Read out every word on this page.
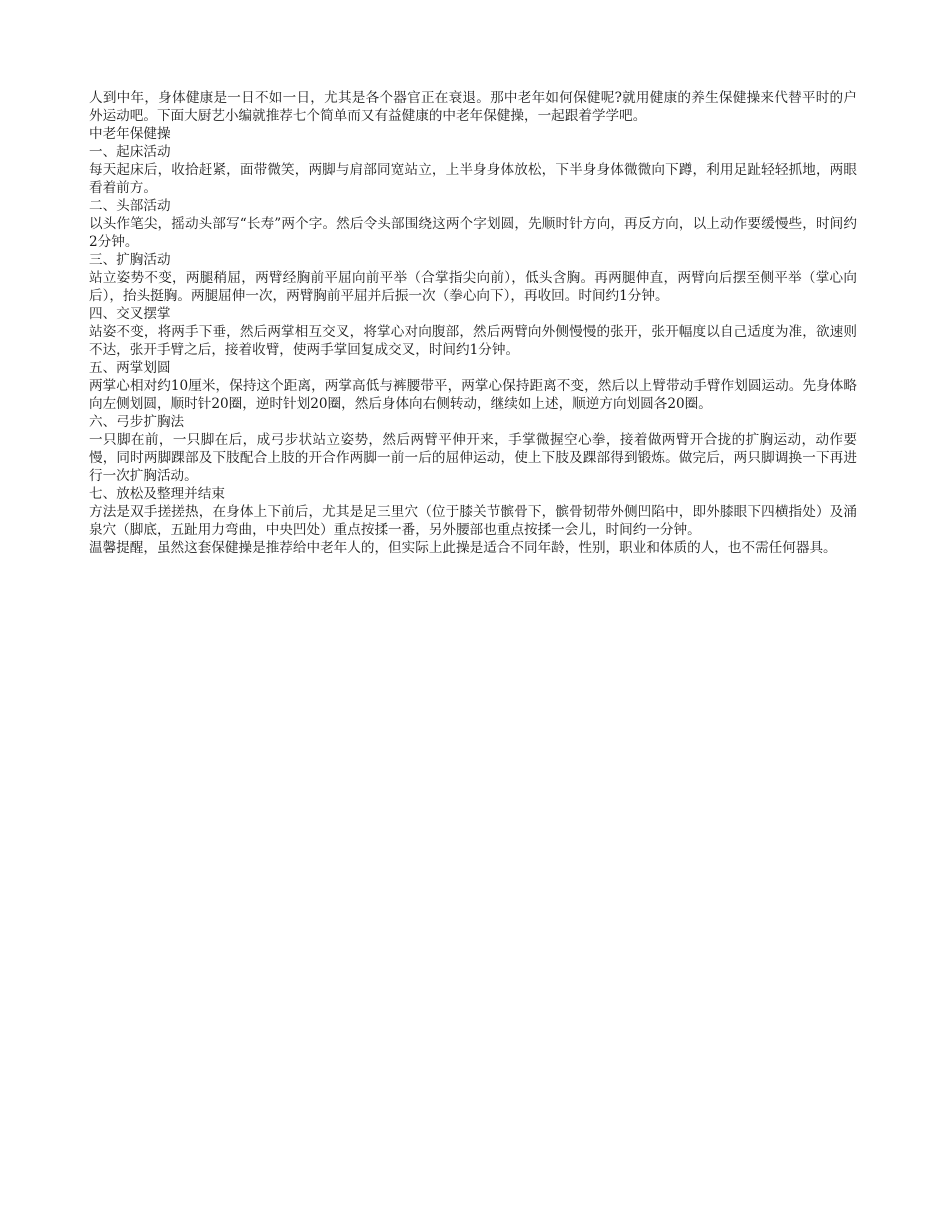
人到中年，身体健康是一日不如一日，尤其是各个器官正在衰退。那中老年如何保健呢?就用健康的养生保健操来代替平时的户外运动吧。下面大厨艺小编就推荐七个简单而又有益健康的中老年保健操，一起跟着学学吧。

中老年保健操

一、起床活动

每天起床后，收拾赶紧，面带微笑，两脚与肩部同宽站立，上半身身体放松，下半身身体微微向下蹲，利用足趾轻轻抓地，两眼看着前方。

二、头部活动

以头作笔尖，摇动头部写“长寿”两个字。然后令头部围绕这两个字划圆，先顺时针方向，再反方向，以上动作要缓慢些，时间约2分钟。

三、扩胸活动

站立姿势不变，两腿稍屈，两臂经胸前平屈向前平举（合掌指尖向前），低头含胸。再两腿伸直，两臂向后摆至侧平举（掌心向后），抬头挺胸。两腿屈伸一次，两臂胸前平屈并后振一次（拳心向下），再收回。时间约1分钟。

四、交叉摆掌

站姿不变，将两手下垂，然后两掌相互交叉，将掌心对向腹部，然后两臂向外侧慢慢的张开，张开幅度以自己适度为准，欲速则不达，张开手臂之后，接着收臂，使两手掌回复成交叉，时间约1分钟。

五、两掌划圆

两掌心相对约10厘米，保持这个距离，两掌高低与裤腰带平，两掌心保持距离不变，然后以上臂带动手臂作划圆运动。先身体略向左侧划圆，顺时针20圈，逆时针划20圈，然后身体向右侧转动，继续如上述，顺逆方向划圆各20圈。

六、弓步扩胸法

一只脚在前，一只脚在后，成弓步状站立姿势，然后两臂平伸开来，手掌微握空心拳，接着做两臂开合拢的扩胸运动，动作要慢，同时两脚踝部及下肢配合上肢的开合作两脚一前一后的屈伸运动，使上下肢及踝部得到锻炼。做完后，两只脚调换一下再进行一次扩胸活动。

七、放松及整理并结束

方法是双手搓搓热，在身体上下前后，尤其是足三里穴（位于膝关节髌骨下，髌骨韧带外侧凹陷中，即外膝眼下四横指处）及涌泉穴（脚底，五趾用力弯曲，中央凹处）重点按揉一番，另外腰部也重点按揉一会儿，时间约一分钟。

温馨提醒，虽然这套保健操是推荐给中老年人的，但实际上此操是适合不同年龄，性别，职业和体质的人，也不需任何器具。
